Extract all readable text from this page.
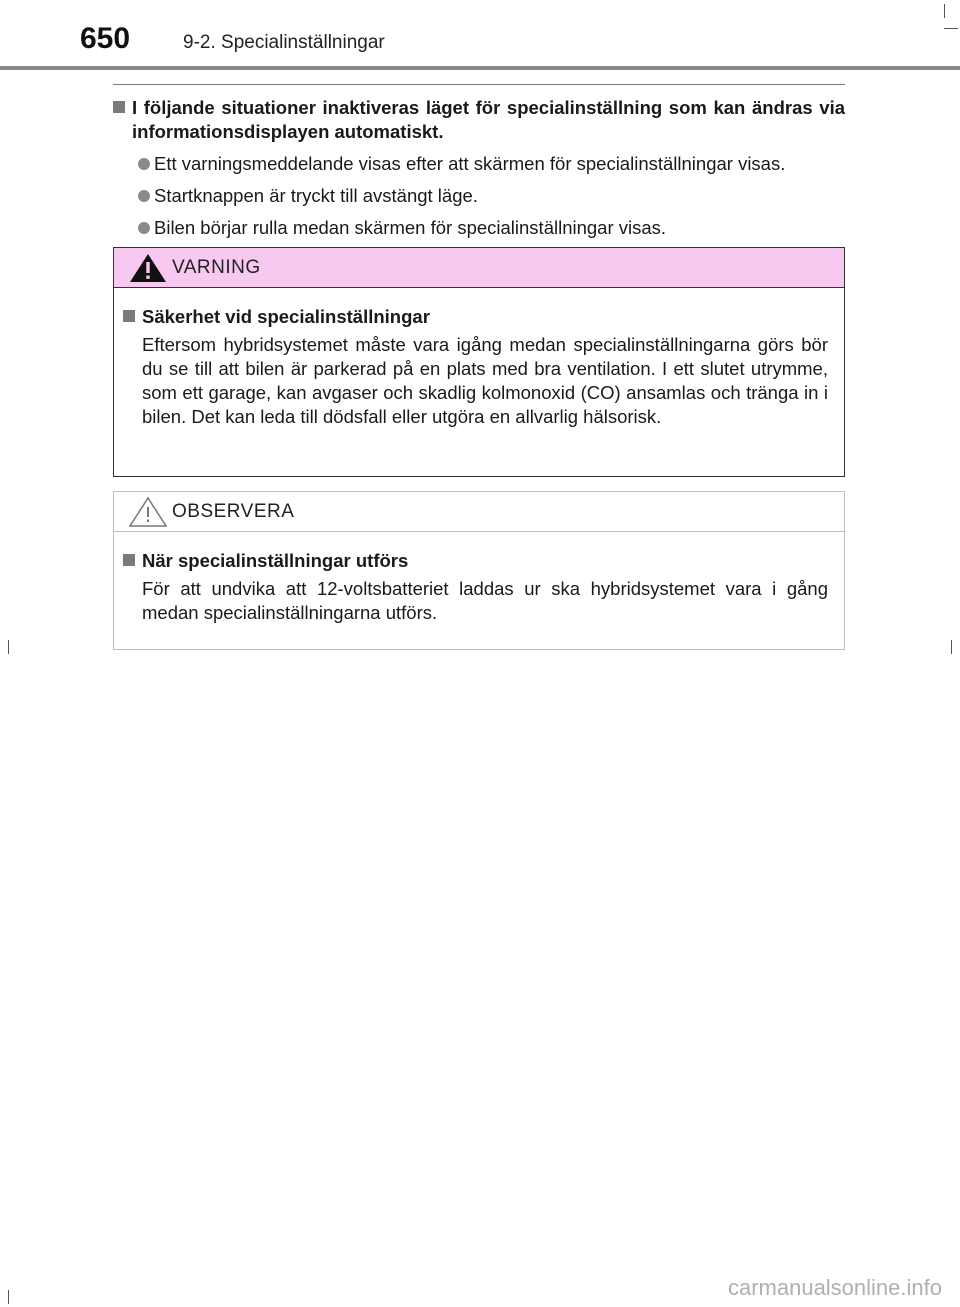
650	9-2. Specialinställningar
I följande situationer inaktiveras läget för specialinställning som kan ändras via informationsdisplayen automatiskt.
Ett varningsmeddelande visas efter att skärmen för specialinställningar visas.
Startknappen är tryckt till avstängt läge.
Bilen börjar rulla medan skärmen för specialinställningar visas.
VARNING
Säkerhet vid specialinställningar
Eftersom hybridsystemet måste vara igång medan specialinställningarna görs bör du se till att bilen är parkerad på en plats med bra ventilation. I ett slutet utrymme, som ett garage, kan avgaser och skadlig kolmonoxid (CO) ansamlas och tränga in i bilen. Det kan leda till dödsfall eller utgöra en allvarlig hälsorisk.
OBSERVERA
När specialinställningar utförs
För att undvika att 12-voltsbatteriet laddas ur ska hybridsystemet vara i gång medan specialinställningarna utförs.
carmanualsonline.info
